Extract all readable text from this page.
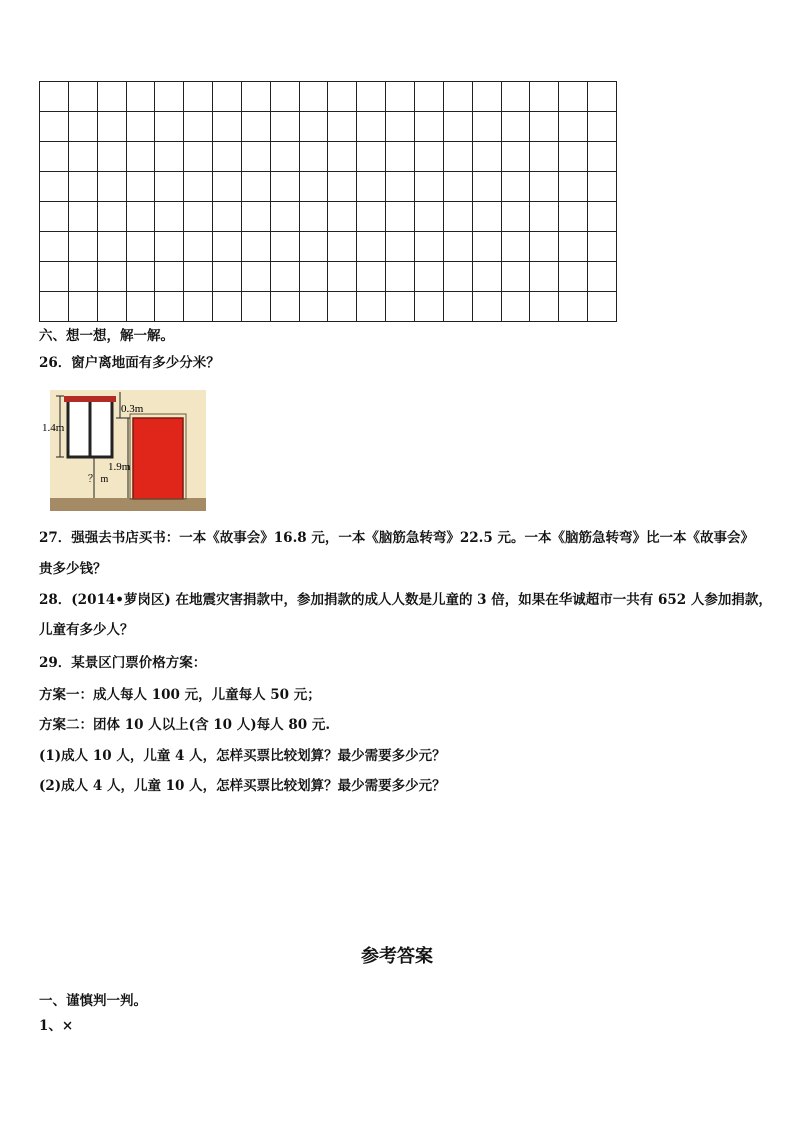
六、想一想，解一解。
26．窗户离地面有多少分米？
1.4m
0.3m
1.9m
？ m
27．强强去书店买书：一本《故事会》16.8 元，一本《脑筋急转弯》22.5 元。一本《脑筋急转弯》比一本《故事会》
贵多少钱？
28．(2014•萝岗区) 在地震灾害捐款中，参加捐款的成人人数是儿童的 3 倍，如果在华诚超市一共有 652 人参加捐款，
儿童有多少人？
29．某景区门票价格方案：
方案一：成人每人 100 元，儿童每人 50 元；
方案二：团体 10 人以上(含 10 人)每人 80 元.
(1)成人 10 人，儿童 4 人，怎样买票比较划算？最少需要多少元？
(2)成人 4 人，儿童 10 人，怎样买票比较划算？最少需要多少元？
参考答案
一、谨慎判一判。
1、×
